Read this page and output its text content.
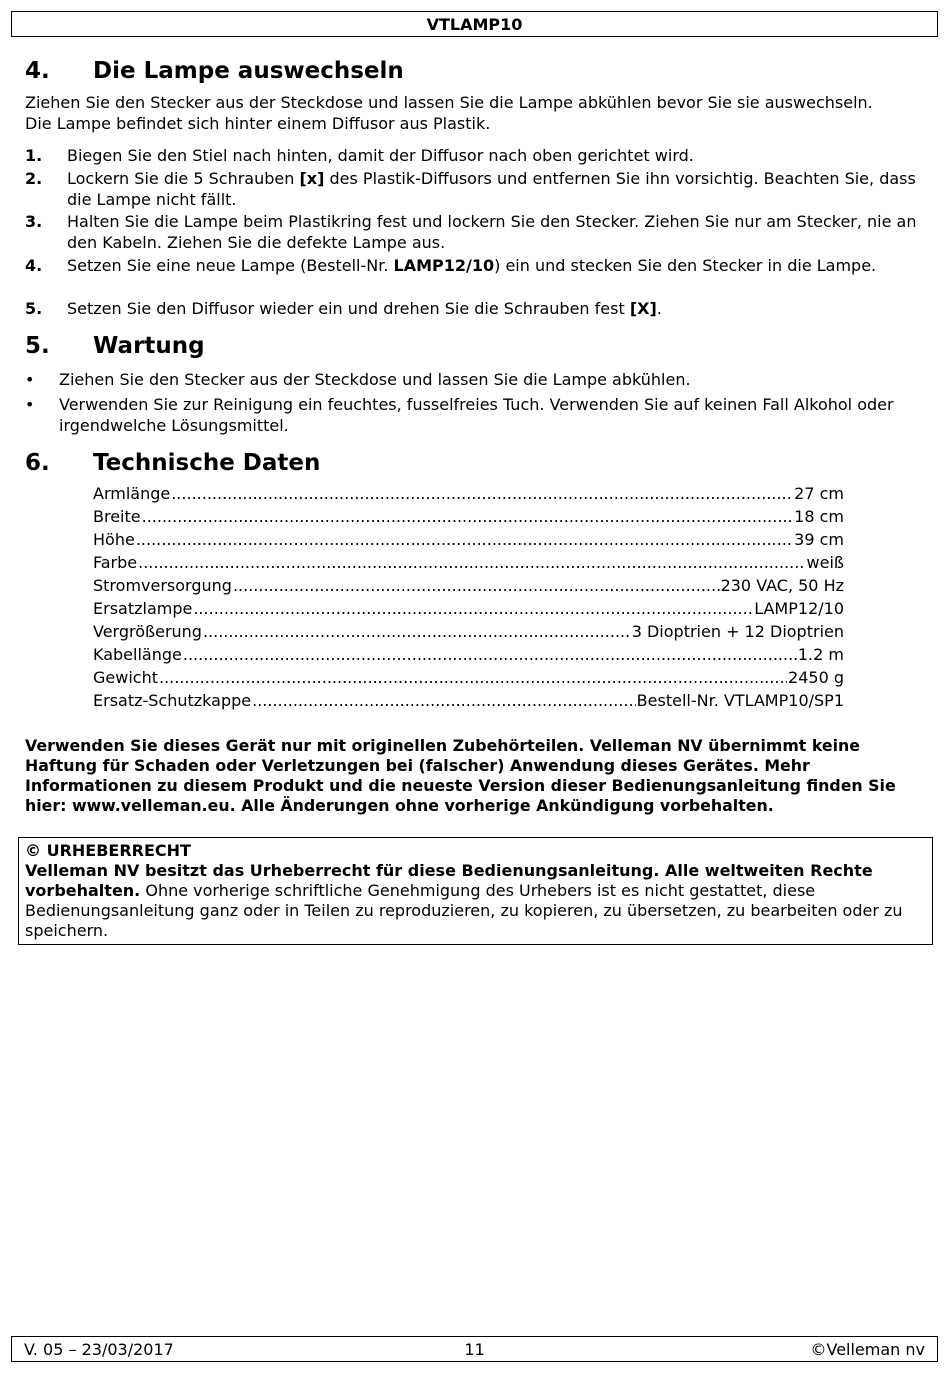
VTLAMP10
4. Die Lampe auswechseln

Ziehen Sie den Stecker aus der Steckdose und lassen Sie die Lampe abkühlen bevor Sie sie auswechseln.
Die Lampe befindet sich hinter einem Diffusor aus Plastik.

1. Biegen Sie den Stiel nach hinten, damit der Diffusor nach oben gerichtet wird.
2. Lockern Sie die 5 Schrauben [x] des Plastik-Diffusors und entfernen Sie ihn vorsichtig. Beachten Sie, dass die Lampe nicht fällt.
3. Halten Sie die Lampe beim Plastikring fest und lockern Sie den Stecker. Ziehen Sie nur am Stecker, nie an den Kabeln. Ziehen Sie die defekte Lampe aus.
4. Setzen Sie eine neue Lampe (Bestell-Nr. LAMP12/10) ein und stecken Sie den Stecker in die Lampe.
5. Setzen Sie den Diffusor wieder ein und drehen Sie die Schrauben fest [X].
5. Wartung
• Ziehen Sie den Stecker aus der Steckdose und lassen Sie die Lampe abkühlen.
• Verwenden Sie zur Reinigung ein feuchtes, fusselfreies Tuch. Verwenden Sie auf keinen Fall Alkohol oder irgendwelche Lösungsmittel.
6. Technische Daten
Armlänge .....	27 cm
Breite .....	18 cm
Höhe .....	39 cm
Farbe .....	weiß
Stromversorgung .....	230 VAC, 50 Hz
Ersatzlampe .....	LAMP12/10
Vergrößerung .....	3 Dioptrien + 12 Dioptrien
Kabellänge .....	1.2 m
Gewicht .....	2450 g
Ersatz-Schutzkappe .....	Bestell-Nr. VTLAMP10/SP1

Verwenden Sie dieses Gerät nur mit originellen Zubehörteilen. Velleman NV übernimmt keine Haftung für Schaden oder Verletzungen bei (falscher) Anwendung dieses Gerätes. Mehr Informationen zu diesem Produkt und die neueste Version dieser Bedienungsanleitung finden Sie hier: www.velleman.eu. Alle Änderungen ohne vorherige Ankündigung vorbehalten.

© URHEBERRECHT
Velleman NV besitzt das Urheberrecht für diese Bedienungsanleitung. Alle weltweiten Rechte vorbehalten. Ohne vorherige schriftliche Genehmigung des Urhebers ist es nicht gestattet, diese Bedienungsanleitung ganz oder in Teilen zu reproduzieren, zu kopieren, zu übersetzen, zu bearbeiten oder zu speichern.
V. 05 – 23/03/2017	11	©Velleman nv
